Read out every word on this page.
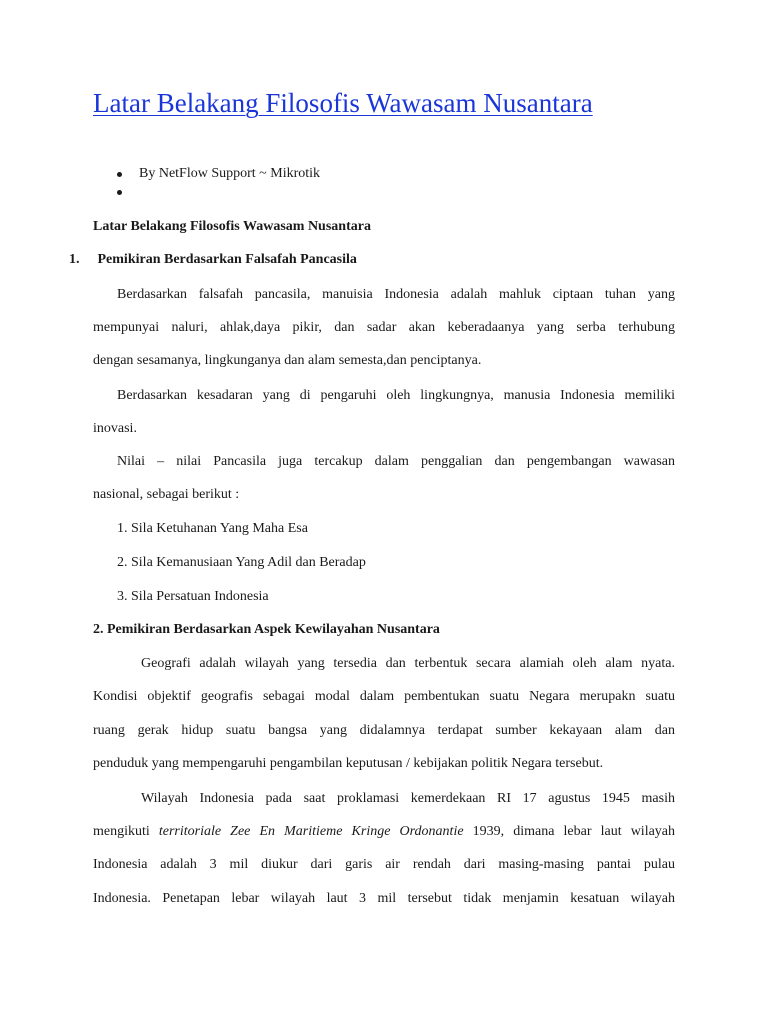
Latar Belakang Filosofis Wawasam Nusantara
By NetFlow Support ~ Mikrotik
Latar Belakang Filosofis Wawasam Nusantara
1. Pemikiran Berdasarkan Falsafah Pancasila
Berdasarkan falsafah pancasila, manuisia Indonesia adalah mahluk ciptaan tuhan yang
mempunyai naluri, ahlak,daya pikir, dan sadar akan keberadaanya yang serba terhubung
dengan sesamanya, lingkunganya dan alam semesta,dan penciptanya.
Berdasarkan kesadaran yang di pengaruhi oleh lingkungnya, manusia Indonesia memiliki
inovasi.
Nilai – nilai Pancasila juga tercakup dalam penggalian dan pengembangan wawasan
nasional, sebagai berikut :
1. Sila Ketuhanan Yang Maha Esa
2. Sila Kemanusiaan Yang Adil dan Beradap
3. Sila Persatuan Indonesia
2. Pemikiran Berdasarkan Aspek Kewilayahan Nusantara
Geografi adalah wilayah yang tersedia dan terbentuk secara alamiah oleh alam nyata.
Kondisi objektif geografis sebagai modal dalam pembentukan suatu Negara merupakn suatu
ruang gerak hidup suatu bangsa yang didalamnya terdapat sumber kekayaan alam dan
penduduk yang mempengaruhi pengambilan keputusan / kebijakan politik Negara tersebut.
Wilayah Indonesia pada saat proklamasi kemerdekaan RI 17 agustus 1945 masih
mengikuti territoriale Zee En Maritieme Kringe Ordonantie 1939, dimana lebar laut wilayah
Indonesia adalah 3 mil diukur dari garis air rendah dari masing-masing pantai pulau
Indonesia. Penetapan lebar wilayah laut 3 mil tersebut tidak menjamin kesatuan wilayah
